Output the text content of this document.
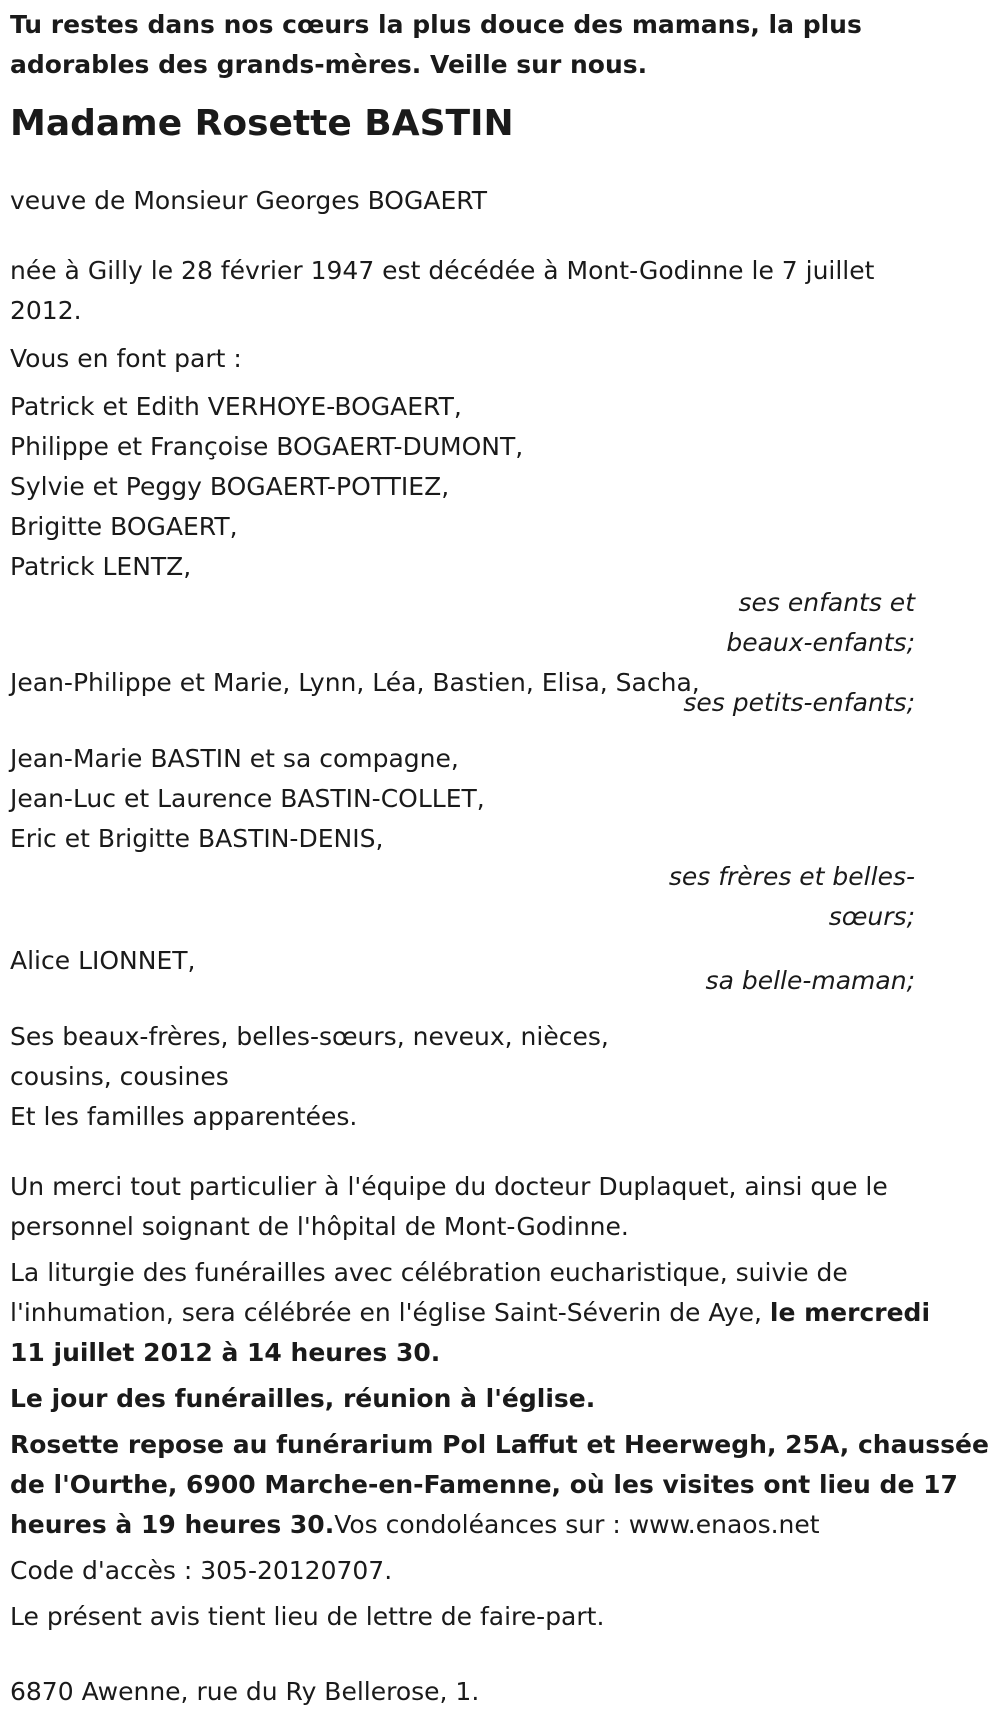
Tu restes dans nos cœurs la plus douce des mamans, la plus adorables des grands-mères. Veille sur nous.

Madame Rosette BASTIN

veuve de Monsieur Georges BOGAERT

née à Gilly le 28 février 1947 est décédée à Mont-Godinne le 7 juillet 2012.

Vous en font part :

Patrick et Edith VERHOYE-BOGAERT,
Philippe et Françoise BOGAERT-DUMONT,
Sylvie et Peggy BOGAERT-POTTIEZ,
Brigitte BOGAERT,
Patrick LENTZ,
ses enfants et
beaux-enfants;
Jean-Philippe et Marie, Lynn, Léa, Bastien, Elisa, Sacha,
ses petits-enfants;
Jean-Marie BASTIN et sa compagne,
Jean-Luc et Laurence BASTIN-COLLET,
Eric et Brigitte BASTIN-DENIS,
ses frères et belles-
sœurs;
Alice LIONNET,
sa belle-maman;
Ses beaux-frères, belles-sœurs, neveux, nièces,
cousins, cousines
Et les familles apparentées.
Un merci tout particulier à l'équipe du docteur Duplaquet, ainsi que le
personnel soignant de l'hôpital de Mont-Godinne.
La liturgie des funérailles avec célébration eucharistique, suivie de
l'inhumation, sera célébrée en l'église Saint-Séverin de Aye, le mercredi
11 juillet 2012 à 14 heures 30.

Le jour des funérailles, réunion à l'église.

Rosette repose au funérarium Pol Laffut et Heerwegh, 25A, chaussée
de l'Ourthe, 6900 Marche-en-Famenne, où les visites ont lieu de 17
heures à 19 heures 30.Vos condoléances sur : www.enaos.net

Code d'accès : 305-20120707.

Le présent avis tient lieu de lettre de faire-part.

6870 Awenne, rue du Ry Bellerose, 1.
